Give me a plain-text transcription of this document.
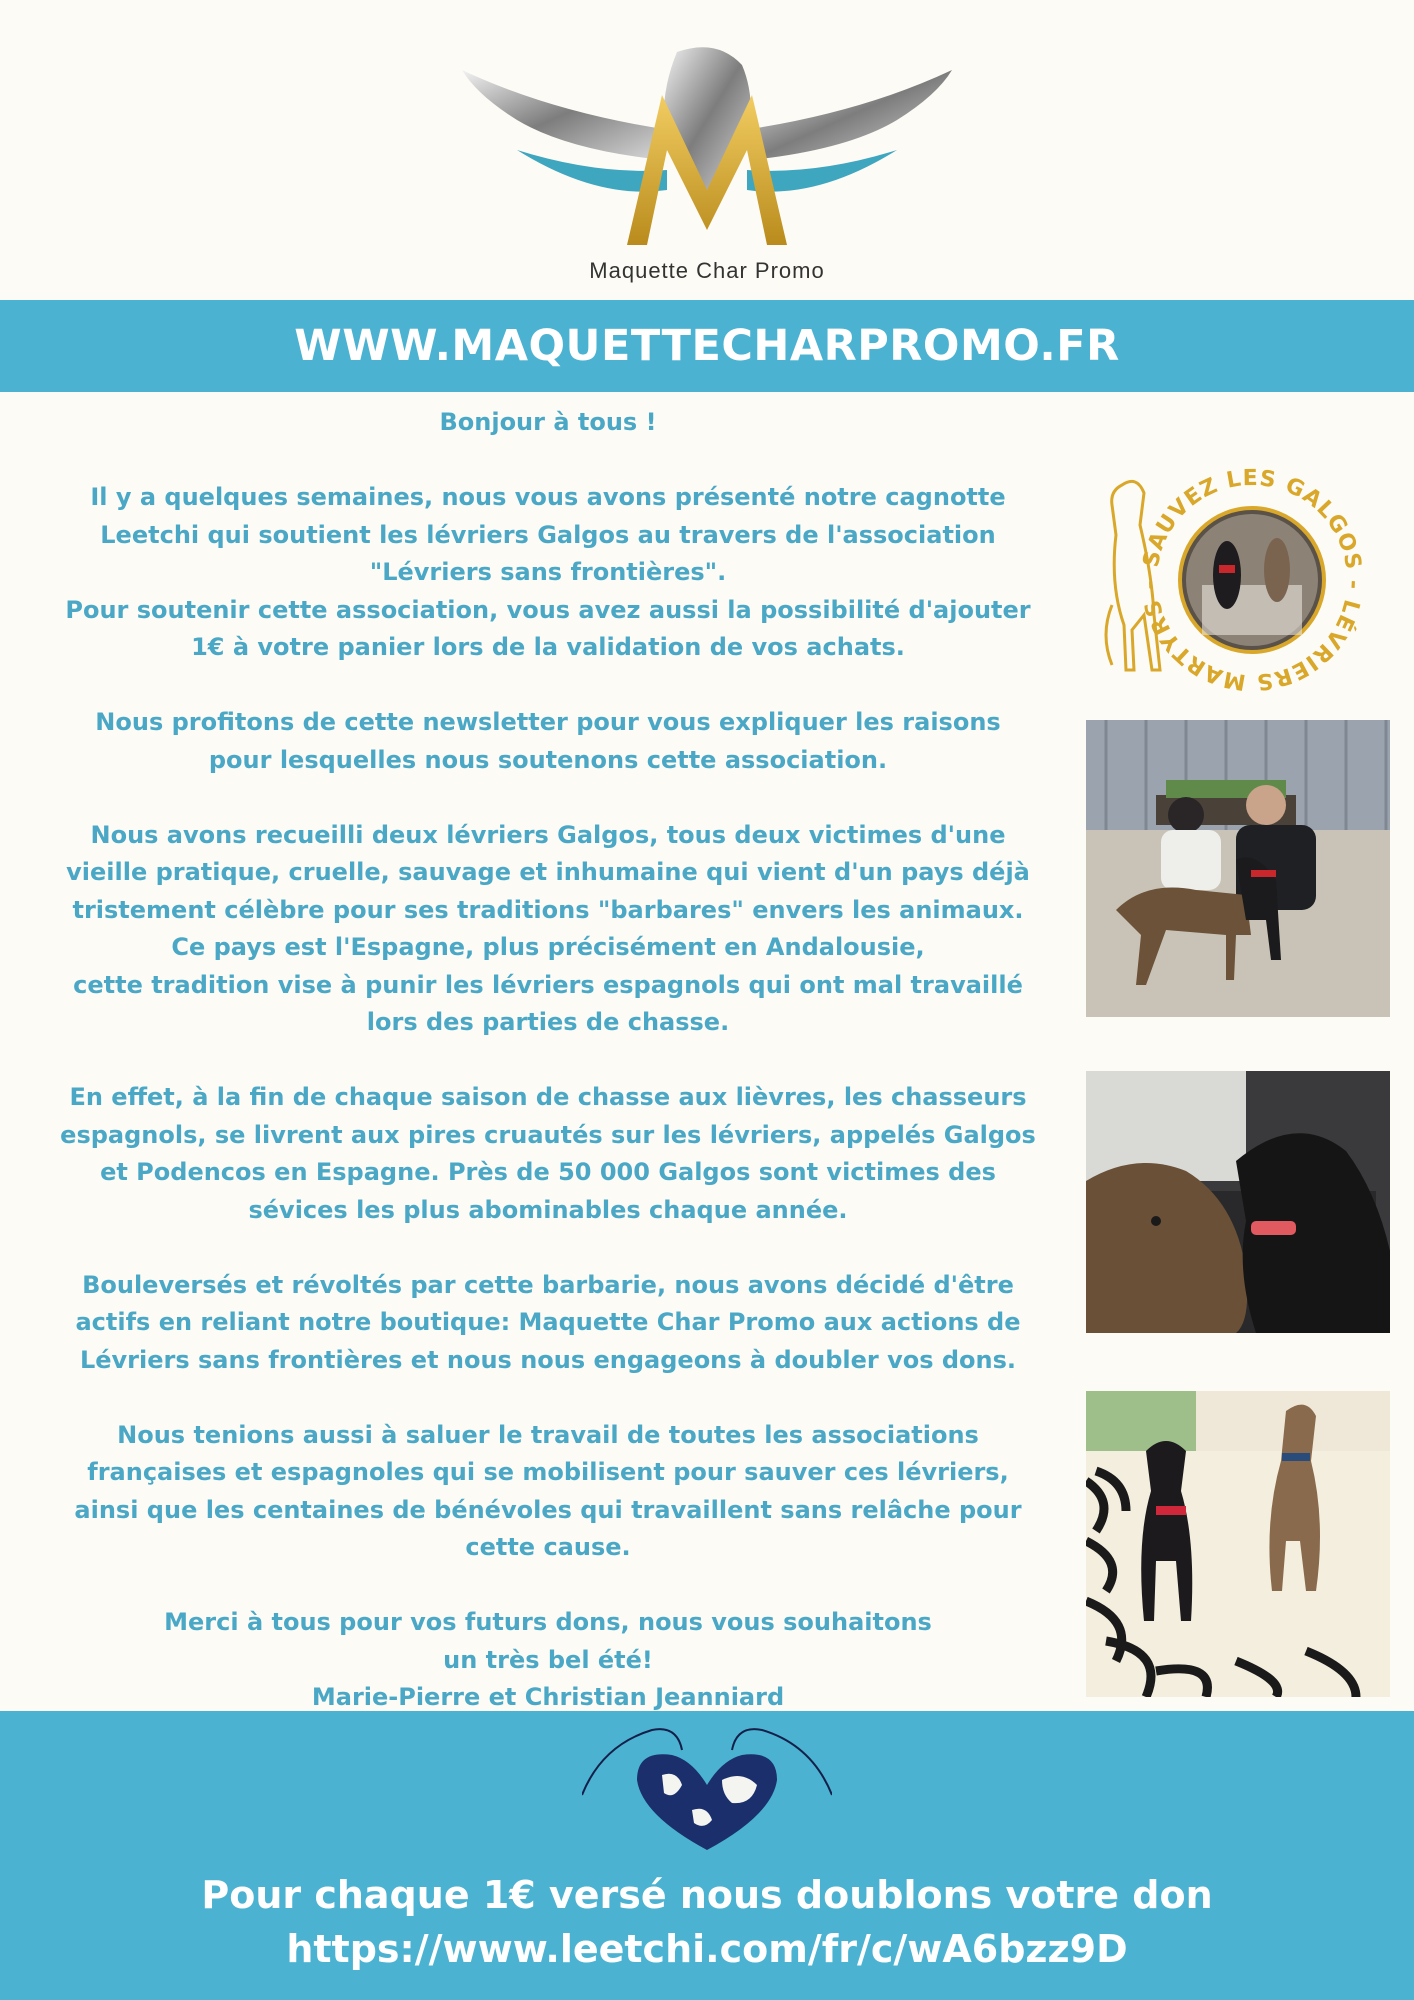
Maquette Char Promo
WWW.MAQUETTECHARPROMO.FR

Bonjour à tous !

Il y a quelques semaines, nous vous avons présenté notre cagnotte
Leetchi qui soutient les lévriers Galgos au travers de l'association
"Lévriers sans frontières".
Pour soutenir cette association, vous avez aussi la possibilité d'ajouter
1€ à votre panier lors de la validation de vos achats.

Nous profitons de cette newsletter pour vous expliquer les raisons
pour lesquelles nous soutenons cette association.

Nous avons recueilli deux lévriers Galgos, tous deux victimes d'une
vieille pratique, cruelle, sauvage et inhumaine qui vient d'un pays déjà
tristement célèbre pour ses traditions "barbares" envers les animaux.
Ce pays est l'Espagne, plus précisément en Andalousie,
cette tradition vise à punir les lévriers espagnols qui ont mal travaillé
lors des parties de chasse.

En effet, à la fin de chaque saison de chasse aux lièvres, les chasseurs
espagnols, se livrent aux pires cruautés sur les lévriers, appelés Galgos
et Podencos en Espagne. Près de 50 000 Galgos sont victimes des
sévices les plus abominables chaque année.

Bouleversés et révoltés par cette barbarie, nous avons décidé d'être
actifs en reliant notre boutique: Maquette Char Promo aux actions de
Lévriers sans frontières et nous nous engageons à doubler vos dons.

Nous tenions aussi à saluer le travail de toutes les associations
françaises et espagnoles qui se mobilisent pour sauver ces lévriers,
ainsi que les centaines de bénévoles qui travaillent sans relâche pour
cette cause.

Merci à tous pour vos futurs dons, nous vous souhaitons
un très bel été!
Marie-Pierre et Christian Jeanniard

SAUVEZ LES GALGOS - LÉVRIERS MARTYRS -
Pour chaque 1€ versé nous doublons votre don
https://www.leetchi.com/fr/c/wA6bzz9D
